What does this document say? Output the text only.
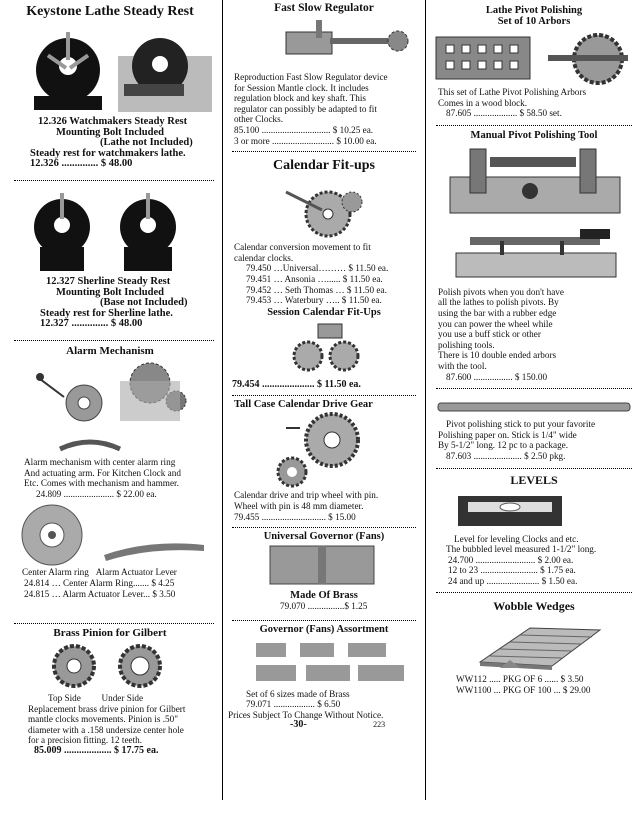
Keystone Lathe Steady Rest
12.326 Watchmakers Steady Rest
Mounting Bolt Included
(Lathe not Included)
Steady rest for watchmakers lathe.
12.326 .............. $ 48.00
12.327 Sherline Steady Rest
Mounting Bolt Included
(Base not Included)
Steady rest for Sherline lathe.
12.327 .............. $ 48.00
Alarm Mechanism
Alarm mechanism with center alarm ring
And actuating arm. For Kitchen Clock and
Etc. Comes with mechanism and hammer.
24.809 ...................... $ 22.00 ea.
Center Alarm ring Alarm Actuator Lever
24.814 … Center Alarm Ring....... $ 4.25
24.815 … Alarm Actuator Lever... $ 3.50
Brass Pinion for Gilbert
Top Side Under Side
Replacement brass drive pinion for Gilbert
mantle clocks movements. Pinion is .50"
diameter with a .158 undersize center hole
for a precision fitting. 12 teeth.
85.009 ................... $ 17.75 ea.
Fast Slow Regulator
Reproduction Fast Slow Regulator device
for Session Mantle clock. It includes
regulation block and key shaft. This
regulator can possibly be adapted to fit
other Clocks.
85.100 .............................. $ 10.25 ea.
3 or more ........................... $ 10.00 ea.
Calendar Fit-ups
Calendar conversion movement to fit
calendar clocks.
79.450 …Universal……… $ 11.50 ea.
79.451 … Ansonia …...... $ 11.50 ea.
79.452 … Seth Thomas … $ 11.50 ea.
79.453 … Waterbury ….. $ 11.50 ea.
Session Calendar Fit-Ups
79.454 ..................... $ 11.50 ea.
Tall Case Calendar Drive Gear
Calendar drive and trip wheel with pin.
Wheel with pin is 48 mm diameter.
79.455 ............................ $ 15.00
Universal Governor (Fans)
Made Of Brass
79.070 ................$ 1.25
Governor (Fans) Assortment
Set of 6 sizes made of Brass
79.071 .................. $ 6.50
Prices Subject To Change Without Notice.
-30-	223
Lathe Pivot Polishing
Set of 10 Arbors
This set of Lathe Pivot Polishing Arbors
Comes in a wood block.
87.605 ................... $ 58.50 set.
Manual Pivot Polishing Tool
Polish pivots when you don't have
all the lathes to polish pivots. By
using the bar with a rubber edge
you can power the wheel while
you use a buff stick or other
polishing tools.
There is 10 double ended arbors
with the tool.
87.600 ................. $ 150.00
Pivot polishing stick to put your favorite
Polishing paper on. Stick is 1/4" wide
By 5-1/2" long. 12 pc to a package.
87.603 ..................... $ 2.50 pkg.
LEVELS
Level for leveling Clocks and etc.
The bubbled level measured 1-1/2" long.
24.700 .......................... $ 2.00 ea.
12 to 23 ......................... $ 1.75 ea.
24 and up ....................... $ 1.50 ea.
Wobble Wedges
WW112 ..... PKG OF 6 ...... $ 3.50
WW1100 ... PKG OF 100 ... $ 29.00
